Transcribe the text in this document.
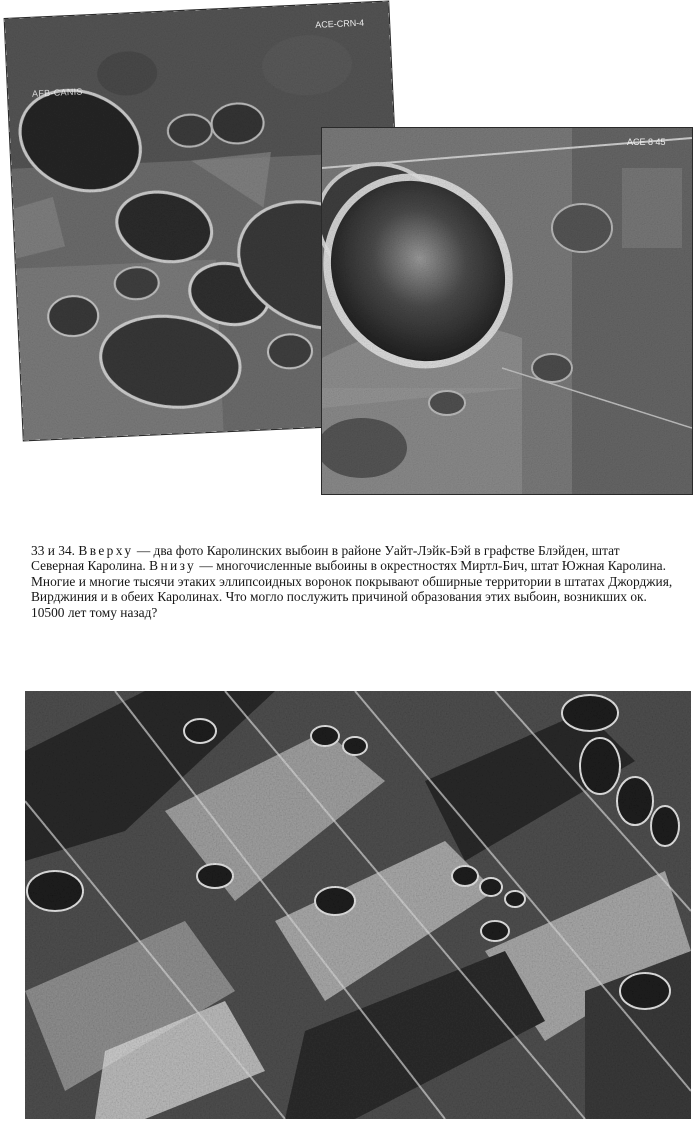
AFB-CANIS
ACE-CRN-4
ACE 8 45

33 и 34. Вверху — два фото Каролинских выбоин в районе Уайт-Лэйк-Бэй в графстве Блэйден, штат Северная Каролина. Внизу — многочисленные выбоины в окрестностях Миртл-Бич, штат Южная Каролина. Многие и многие тысячи этаких эллипсоидных воронок покрывают обширные территории в штатах Джорджия, Вирджиния и в обеих Каролинах. Что могло послужить причиной образования этих выбоин, возникших ок. 10500 лет тому назад?
